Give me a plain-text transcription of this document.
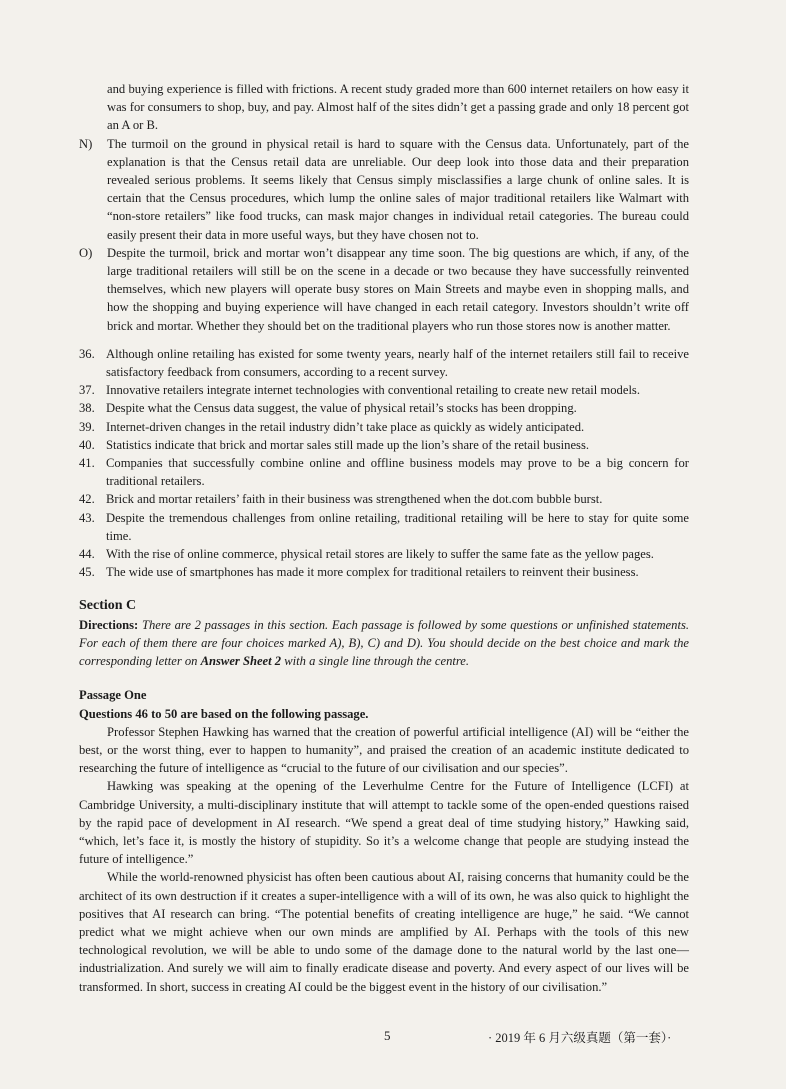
and buying experience is filled with frictions. A recent study graded more than 600 internet retailers on how easy it was for consumers to shop, buy, and pay. Almost half of the sites didn’t get a passing grade and only 18 percent got an A or B.

N)	The turmoil on the ground in physical retail is hard to square with the Census data. Unfortunately, part of the explanation is that the Census retail data are unreliable. Our deep look into those data and their preparation revealed serious problems. It seems likely that Census simply misclassifies a large chunk of online sales. It is certain that the Census procedures, which lump the online sales of major traditional retailers like Walmart with “non-store retailers” like food trucks, can mask major changes in individual retail categories. The bureau could easily present their data in more useful ways, but they have chosen not to.
O)	Despite the turmoil, brick and mortar won’t disappear any time soon. The big questions are which, if any, of the large traditional retailers will still be on the scene in a decade or two because they have successfully reinvented themselves, which new players will operate busy stores on Main Streets and maybe even in shopping malls, and how the shopping and buying experience will have changed in each retail category. Investors shouldn’t write off brick and mortar. Whether they should bet on the traditional players who run those stores now is another matter.
36. Although online retailing has existed for some twenty years, nearly half of the internet retailers still fail to receive satisfactory feedback from consumers, according to a recent survey.
37. Innovative retailers integrate internet technologies with conventional retailing to create new retail models.
38. Despite what the Census data suggest, the value of physical retail’s stocks has been dropping.
39. Internet-driven changes in the retail industry didn’t take place as quickly as widely anticipated.
40. Statistics indicate that brick and mortar sales still made up the lion’s share of the retail business.
41. Companies that successfully combine online and offline business models may prove to be a big concern for traditional retailers.
42. Brick and mortar retailers’ faith in their business was strengthened when the dot.com bubble burst.
43. Despite the tremendous challenges from online retailing, traditional retailing will be here to stay for quite some time.
44. With the rise of online commerce, physical retail stores are likely to suffer the same fate as the yellow pages.
45. The wide use of smartphones has made it more complex for traditional retailers to reinvent their business.

Section C

Directions: There are 2 passages in this section. Each passage is followed by some questions or unfinished statements. For each of them there are four choices marked A), B), C) and D). You should decide on the best choice and mark the corresponding letter on Answer Sheet 2 with a single line through the centre.

Passage One

Questions 46 to 50 are based on the following passage.

Professor Stephen Hawking has warned that the creation of powerful artificial intelligence (AI) will be “either the best, or the worst thing, ever to happen to humanity”, and praised the creation of an academic institute dedicated to researching the future of intelligence as “crucial to the future of our civilisation and our species”.

Hawking was speaking at the opening of the Leverhulme Centre for the Future of Intelligence (LCFI) at Cambridge University, a multi-disciplinary institute that will attempt to tackle some of the open-ended questions raised by the rapid pace of development in AI research. “We spend a great deal of time studying history,” Hawking said, “which, let’s face it, is mostly the history of stupidity. So it’s a welcome change that people are studying instead the future of intelligence.”

While the world-renowned physicist has often been cautious about AI, raising concerns that humanity could be the architect of its own destruction if it creates a super-intelligence with a will of its own, he was also quick to highlight the positives that AI research can bring. “The potential benefits of creating intelligence are huge,” he said. “We cannot predict what we might achieve when our own minds are amplified by AI. Perhaps with the tools of this new technological revolution, we will be able to undo some of the damage done to the natural world by the last one—industrialization. And surely we will aim to finally eradicate disease and poverty. And every aspect of our lives will be transformed. In short, success in creating AI could be the biggest event in the history of our civilisation.”

5	· 2019 年 6 月六级真题（第一套）·
